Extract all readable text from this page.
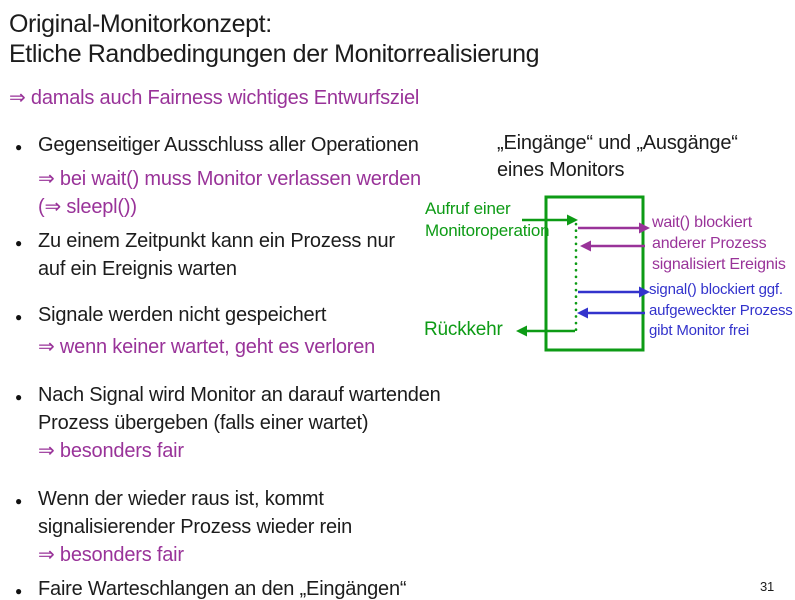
Original-Monitorkonzept:
Etliche Randbedingungen der Monitorrealisierung
⇒ damals auch Fairness wichtiges Entwurfsziel
● Gegenseitiger Ausschluss aller Operationen
⇒ bei wait() muss Monitor verlassen werden
(⇒ sleepl())
● Zu einem Zeitpunkt kann ein Prozess nur
auf ein Ereignis warten
● Signale werden nicht gespeichert
⇒ wenn keiner wartet, geht es verloren
● Nach Signal wird Monitor an darauf wartenden
Prozess übergeben (falls einer wartet)
⇒ besonders fair
● Wenn der wieder raus ist, kommt
signalisierender Prozess wieder rein
⇒ besonders fair
● Faire Warteschlangen an den „Eingängen“
„Eingänge“ und „Ausgänge“
eines Monitors
Aufruf einer
Monitoroperation
Rückkehr
wait() blockiert
anderer Prozess
signalisiert Ereignis
signal() blockiert ggf.
aufgeweckter Prozess
gibt Monitor frei
31
